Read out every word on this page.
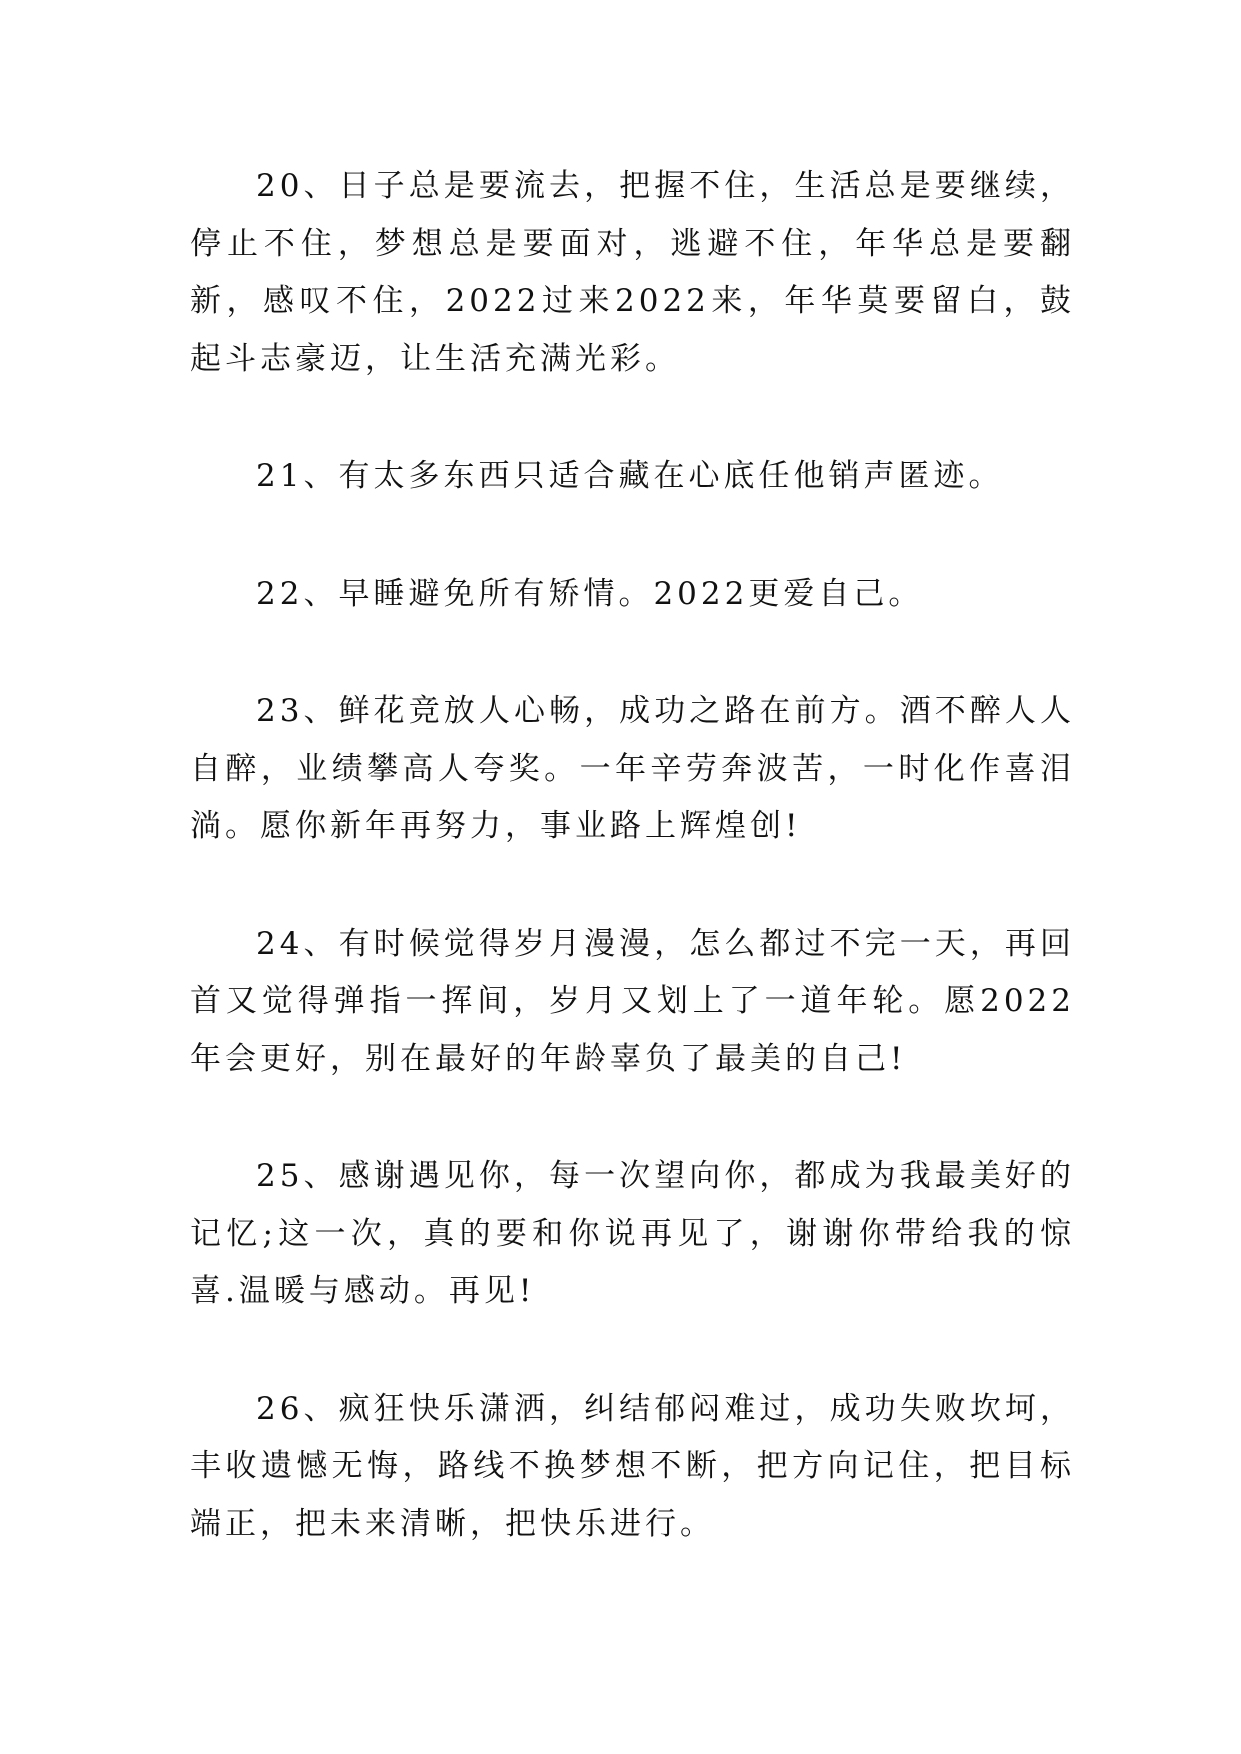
20、日子总是要流去，把握不住，生活总是要继续，停止不住，梦想总是要面对，逃避不住，年华总是要翻新，感叹不住，2022过来2022来，年华莫要留白，鼓起斗志豪迈，让生活充满光彩。

21、有太多东西只适合藏在心底任他销声匿迹。

22、早睡避免所有矫情。2022更爱自己。

23、鲜花竞放人心畅，成功之路在前方。酒不醉人人自醉，业绩攀高人夸奖。一年辛劳奔波苦，一时化作喜泪淌。愿你新年再努力，事业路上辉煌创!

24、有时候觉得岁月漫漫，怎么都过不完一天，再回首又觉得弹指一挥间，岁月又划上了一道年轮。愿2022年会更好，别在最好的年龄辜负了最美的自己!

25、感谢遇见你，每一次望向你，都成为我最美好的记忆;这一次，真的要和你说再见了，谢谢你带给我的惊喜.温暖与感动。再见!

26、疯狂快乐潇洒，纠结郁闷难过，成功失败坎坷，丰收遗憾无悔，路线不换梦想不断，把方向记住，把目标端正，把未来清晰，把快乐进行。
